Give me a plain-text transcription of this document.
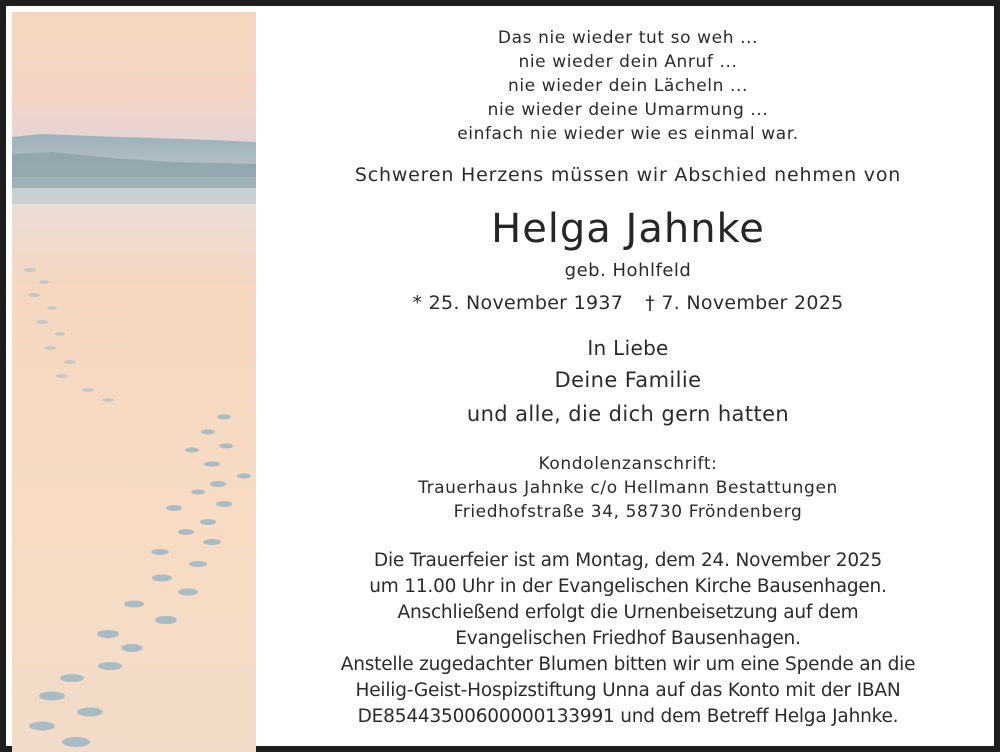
Das nie wieder tut so weh ...
nie wieder dein Anruf ...
nie wieder dein Lächeln ...
nie wieder deine Umarmung ...
einfach nie wieder wie es einmal war.
Schweren Herzens müssen wir Abschied nehmen von
Helga Jahnke
geb. Hohlfeld
* 25. November 1937 † 7. November 2025
In Liebe
Deine Familie
und alle, die dich gern hatten
Kondolenzanschrift:
Trauerhaus Jahnke c/o Hellmann Bestattungen
Friedhofstraße 34, 58730 Fröndenberg
Die Trauerfeier ist am Montag, dem 24. November 2025
um 11.00 Uhr in der Evangelischen Kirche Bausenhagen.
Anschließend erfolgt die Urnenbeisetzung auf dem
Evangelischen Friedhof Bausenhagen.
Anstelle zugedachter Blumen bitten wir um eine Spende an die
Heilig-Geist-Hospizstiftung Unna auf das Konto mit der IBAN
DE85443500600000133991 und dem Betreff Helga Jahnke.
